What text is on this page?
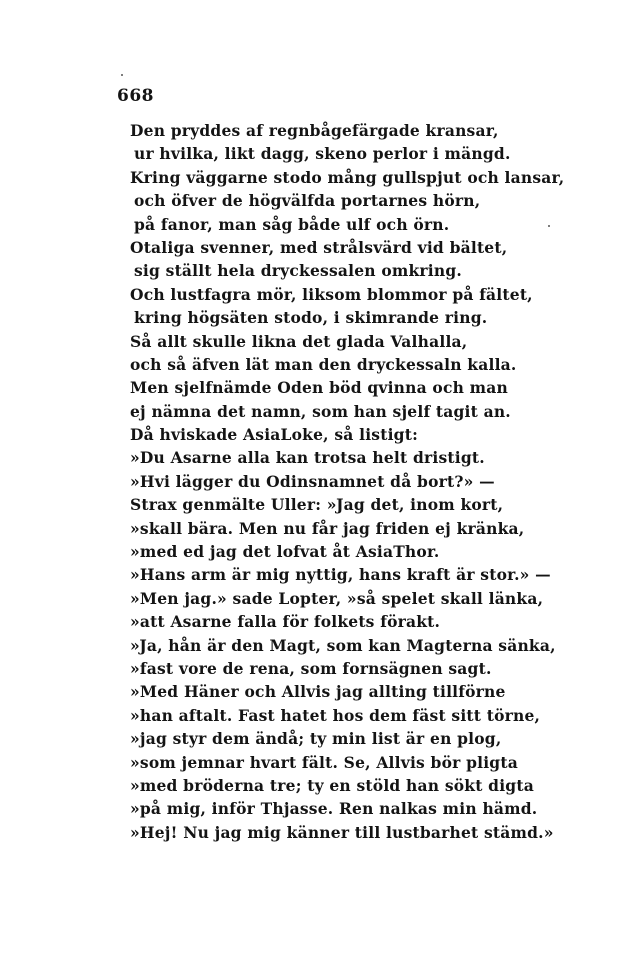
668
Den pryddes af regnbågefärgade kransar,
ur hvilka, likt dagg, skeno perlor i mängd.
Kring väggarne stodo mång gullspjut och lansar,
och öfver de högvälfda portarnes hörn,
på fanor, man såg både ulf och örn.
Otaliga svenner, med strålsvärd vid bältet,
sig ställt hela dryckessalen omkring.
Och lustfagra mör, liksom blommor på fältet,
kring högsäten stodo, i skimrande ring.
Så allt skulle likna det glada Valhalla,
och så äfven lät man den dryckessaln kalla.
Men sjelfnämde Oden böd qvinna och man
ej nämna det namn, som han sjelf tagit an.
Då hviskade AsiaLoke, så listigt:
»Du Asarne alla kan trotsa helt dristigt.
»Hvi lägger du Odinsnamnet då bort?» —
Strax genmälte Uller: »Jag det, inom kort,
»skall bära. Men nu får jag friden ej kränka,
»med ed jag det lofvat åt AsiaThor.
»Hans arm är mig nyttig, hans kraft är stor.» —
»Men jag.» sade Lopter, »så spelet skall länka,
»att Asarne falla för folkets förakt.
»Ja, hån är den Magt, som kan Magterna sänka,
»fast vore de rena, som fornsägnen sagt.
»Med Häner och Allvis jag allting tillförne
»han aftalt. Fast hatet hos dem fäst sitt törne,
»jag styr dem ändå; ty min list är en plog,
»som jemnar hvart fält. Se, Allvis bör pligta
»med bröderna tre; ty en stöld han sökt digta
»på mig, inför Thjasse. Ren nalkas min hämd.
»Hej! Nu jag mig känner till lustbarhet stämd.»
